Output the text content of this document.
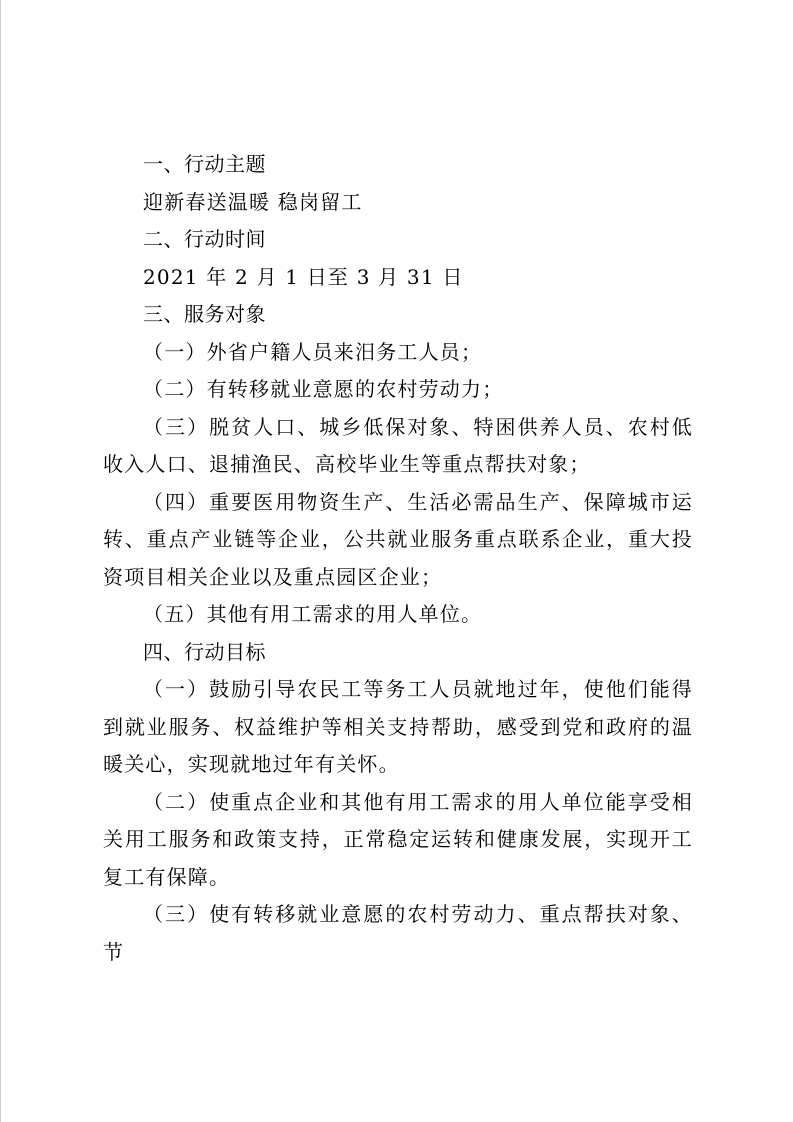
一、行动主题

迎新春送温暖 稳岗留工

二、行动时间

2021 年 2 月 1 日至 3 月 31 日

三、服务对象

（一）外省户籍人员来汨务工人员；

（二）有转移就业意愿的农村劳动力；

（三）脱贫人口、城乡低保对象、特困供养人员、农村低收入人口、退捕渔民、高校毕业生等重点帮扶对象；

（四）重要医用物资生产、生活必需品生产、保障城市运转、重点产业链等企业，公共就业服务重点联系企业，重大投资项目相关企业以及重点园区企业；

（五）其他有用工需求的用人单位。

四、行动目标

（一）鼓励引导农民工等务工人员就地过年，使他们能得到就业服务、权益维护等相关支持帮助，感受到党和政府的温暖关心，实现就地过年有关怀。

（二）使重点企业和其他有用工需求的用人单位能享受相关用工服务和政策支持，正常稳定运转和健康发展，实现开工复工有保障。

（三）使有转移就业意愿的农村劳动力、重点帮扶对象、节
